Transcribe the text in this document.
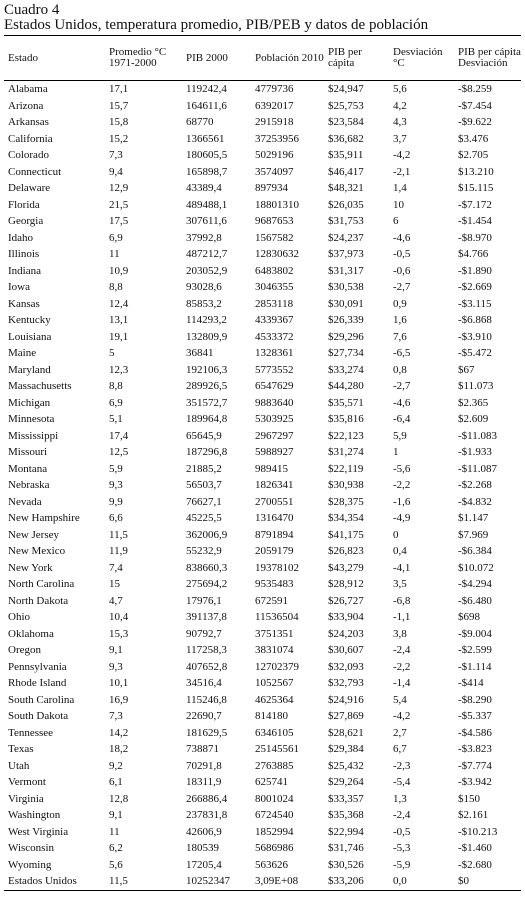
Cuadro 4
Estados Unidos, temperatura promedio, PIB/PEB y datos de población
Estado	Promedio °C 1971-2000	PIB 2000	Población 2010	PIB per cápita	Desviación °C	PIB per cápita Desviación
Alabama	17,1	119242,4	4779736	$24,947	5,6	-$8.259
Arizona	15,7	164611,6	6392017	$25,753	4,2	-$7.454
Arkansas	15,8	68770	2915918	$23,584	4,3	-$9.622
California	15,2	1366561	37253956	$36,682	3,7	$3.476
Colorado	7,3	180605,5	5029196	$35,911	-4,2	$2.705
Connecticut	9,4	165898,7	3574097	$46,417	-2,1	$13.210
Delaware	12,9	43389,4	897934	$48,321	1,4	$15.115
Florida	21,5	489488,1	18801310	$26,035	10	-$7.172
Georgia	17,5	307611,6	9687653	$31,753	6	-$1.454
Idaho	6,9	37992,8	1567582	$24,237	-4,6	-$8.970
Illinois	11	487212,7	12830632	$37,973	-0,5	$4.766
Indiana	10,9	203052,9	6483802	$31,317	-0,6	-$1.890
Iowa	8,8	93028,6	3046355	$30,538	-2,7	-$2.669
Kansas	12,4	85853,2	2853118	$30,091	0,9	-$3.115
Kentucky	13,1	114293,2	4339367	$26,339	1,6	-$6.868
Louisiana	19,1	132809,9	4533372	$29,296	7,6	-$3.910
Maine	5	36841	1328361	$27,734	-6,5	-$5.472
Maryland	12,3	192106,3	5773552	$33,274	0,8	$67
Massachusetts	8,8	289926,5	6547629	$44,280	-2,7	$11.073
Michigan	6,9	351572,7	9883640	$35,571	-4,6	$2.365
Minnesota	5,1	189964,8	5303925	$35,816	-6,4	$2.609
Mississippi	17,4	65645,9	2967297	$22,123	5,9	-$11.083
Missouri	12,5	187296,8	5988927	$31,274	1	-$1.933
Montana	5,9	21885,2	989415	$22,119	-5,6	-$11.087
Nebraska	9,3	56503,7	1826341	$30,938	-2,2	-$2.268
Nevada	9,9	76627,1	2700551	$28,375	-1,6	-$4.832
New Hampshire	6,6	45225,5	1316470	$34,354	-4,9	$1.147
New Jersey	11,5	362006,9	8791894	$41,175	0	$7.969
New Mexico	11,9	55232,9	2059179	$26,823	0,4	-$6.384
New York	7,4	838660,3	19378102	$43,279	-4,1	$10.072
North Carolina	15	275694,2	9535483	$28,912	3,5	-$4.294
North Dakota	4,7	17976,1	672591	$26,727	-6,8	-$6.480
Ohio	10,4	391137,8	11536504	$33,904	-1,1	$698
Oklahoma	15,3	90792,7	3751351	$24,203	3,8	-$9.004
Oregon	9,1	117258,3	3831074	$30,607	-2,4	-$2.599
Pennsylvania	9,3	407652,8	12702379	$32,093	-2,2	-$1.114
Rhode Island	10,1	34516,4	1052567	$32,793	-1,4	-$414
South Carolina	16,9	115246,8	4625364	$24,916	5,4	-$8.290
South Dakota	7,3	22690,7	814180	$27,869	-4,2	-$5.337
Tennessee	14,2	181629,5	6346105	$28,621	2,7	-$4.586
Texas	18,2	738871	25145561	$29,384	6,7	-$3.823
Utah	9,2	70291,8	2763885	$25,432	-2,3	-$7.774
Vermont	6,1	18311,9	625741	$29,264	-5,4	-$3.942
Virginia	12,8	266886,4	8001024	$33,357	1,3	$150
Washington	9,1	237831,8	6724540	$35,368	-2,4	$2.161
West Virginia	11	42606,9	1852994	$22,994	-0,5	-$10.213
Wisconsin	6,2	180539	5686986	$31,746	-5,3	-$1.460
Wyoming	5,6	17205,4	563626	$30,526	-5,9	-$2.680
Estados Unidos	11,5	10252347	3,09E+08	$33,206	0,0	$0
